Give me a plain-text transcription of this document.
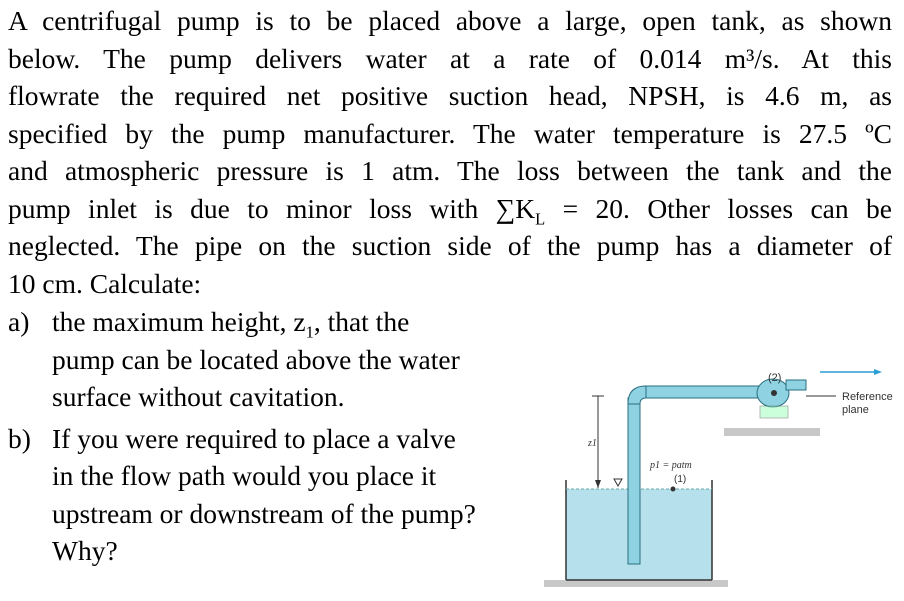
A centrifugal pump is to be placed above a large, open tank, as shown
below. The pump delivers water at a rate of 0.014 m³/s. At this
flowrate the required net positive suction head, NPSH, is 4.6 m, as
specified by the pump manufacturer. The water temperature is 27.5 ºC
and atmospheric pressure is 1 atm. The loss between the tank and the
pump inlet is due to minor loss with $\sum K_L = 20$. Other losses can be
neglected. The pipe on the suction side of the pump has a diameter of
10 cm. Calculate:
a) the maximum height, $z_1$, that the
pump can be located above the water
surface without cavitation.
b) If you were required to place a valve
in the flow path would you place it
upstream or downstream of the pump?
Why?
(2)
Reference
plane
z1
p1 = patm
(1)
